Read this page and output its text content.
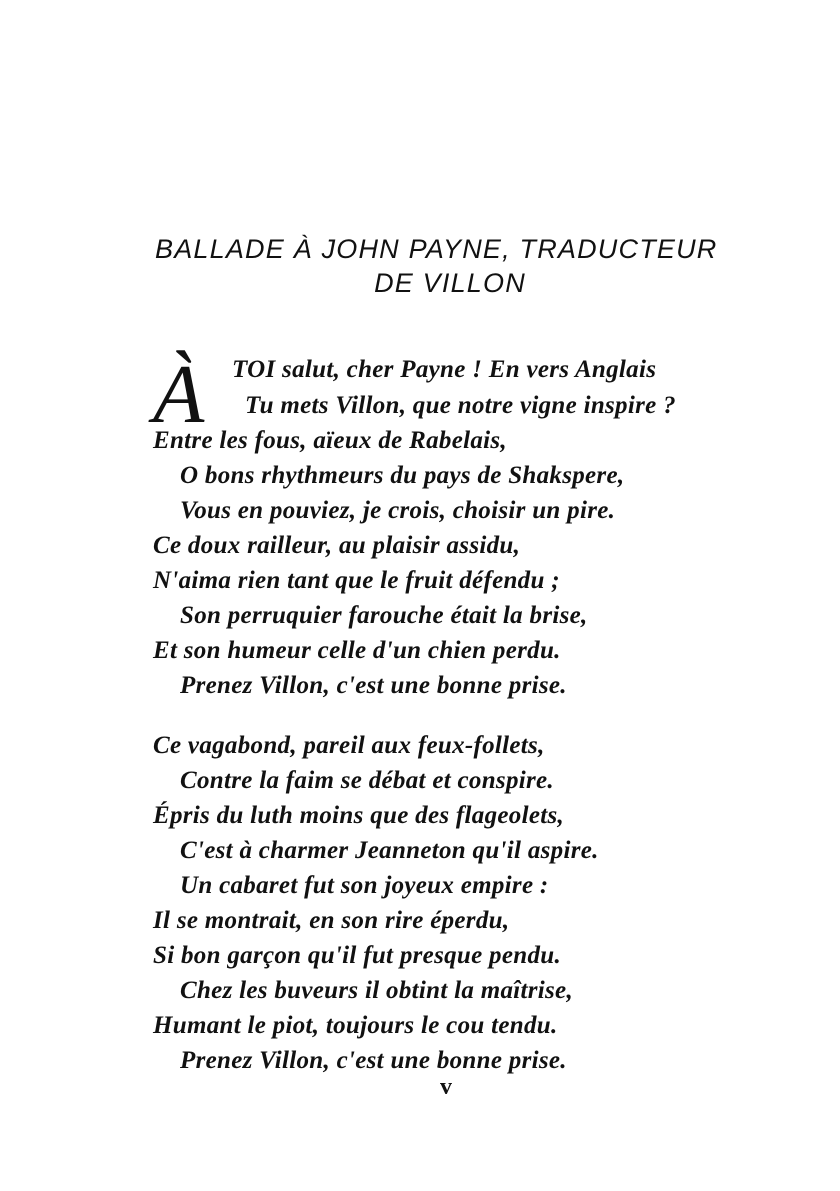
BALLADE À JOHN PAYNE, TRADUCTEUR
DE VILLON
À TOI salut, cher Payne ! En vers Anglais
Tu mets Villon, que notre vigne inspire ?
Entre les fous, aïeux de Rabelais,
O bons rhythmeurs du pays de Shakspere,
Vous en pouviez, je crois, choisir un pire.
Ce doux railleur, au plaisir assidu,
N'aima rien tant que le fruit défendu ;
Son perruquier farouche était la brise,
Et son humeur celle d'un chien perdu.
Prenez Villon, c'est une bonne prise.
Ce vagabond, pareil aux feux-follets,
Contre la faim se débat et conspire.
Épris du luth moins que des flageolets,
C'est à charmer Jeanneton qu'il aspire.
Un cabaret fut son joyeux empire :
Il se montrait, en son rire éperdu,
Si bon garçon qu'il fut presque pendu.
Chez les buveurs il obtint la maîtrise,
Humant le piot, toujours le cou tendu.
Prenez Villon, c'est une bonne prise.
v
